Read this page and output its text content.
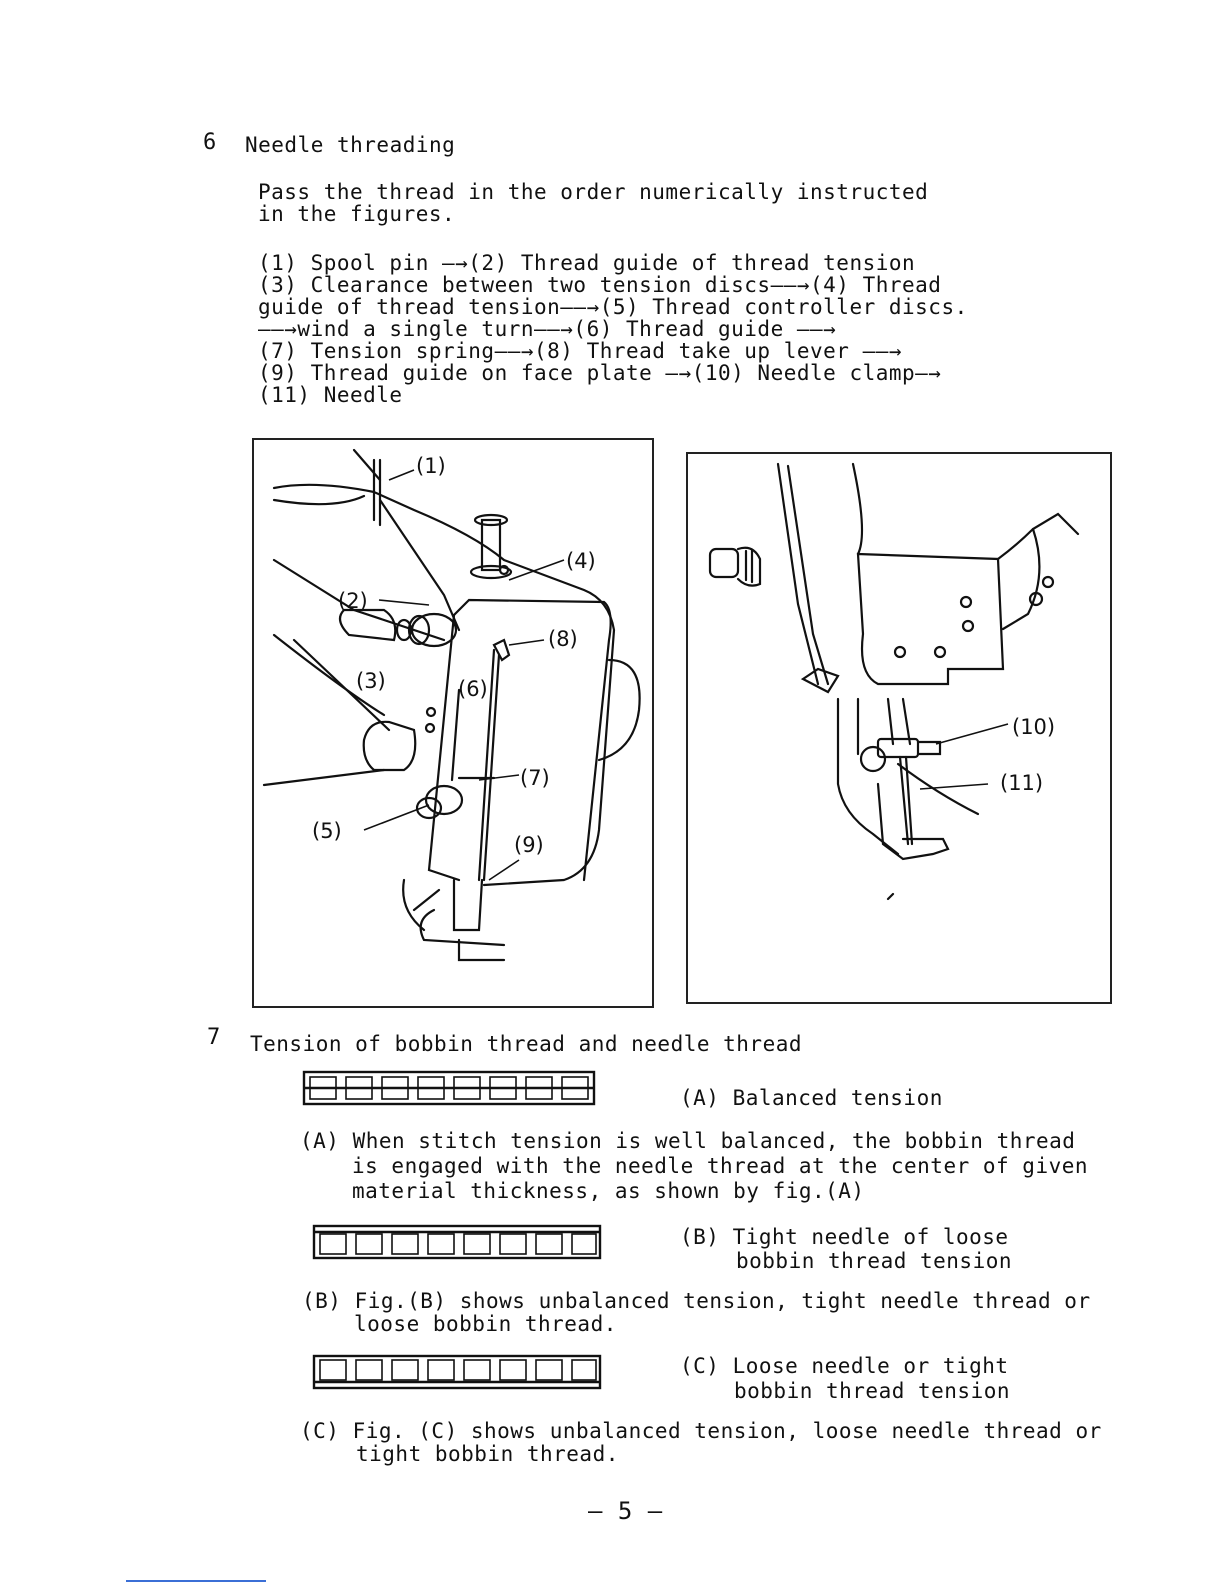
6 Needle threading
Pass the thread in the order numerically instructed
in the figures.
(1) Spool pin —→(2) Thread guide of thread tension
(3) Clearance between two tension discs——→(4) Thread
guide of thread tension——→(5) Thread controller discs.
——→wind a single turn——→(6) Thread guide ——→
(7) Tension spring——→(8) Thread take up lever ——→
(9) Thread guide on face plate —→(10) Needle clamp—→
(11) Needle
(1)
(2)
(3)
(4)
(5)
(6)
(7)
(8)
(9)
(10)
(11)
7 Tension of bobbin thread and needle thread
(A) Balanced tension
(A) When stitch tension is well balanced, the bobbin thread
is engaged with the needle thread at the center of given
material thickness, as shown by fig.(A)
(B) Tight needle of loose
bobbin thread tension
(B) Fig.(B) shows unbalanced tension, tight needle thread or
loose bobbin thread.
(C) Loose needle or tight
bobbin thread tension
(C) Fig. (C) shows unbalanced tension, loose needle thread or
tight bobbin thread.
— 5 —
